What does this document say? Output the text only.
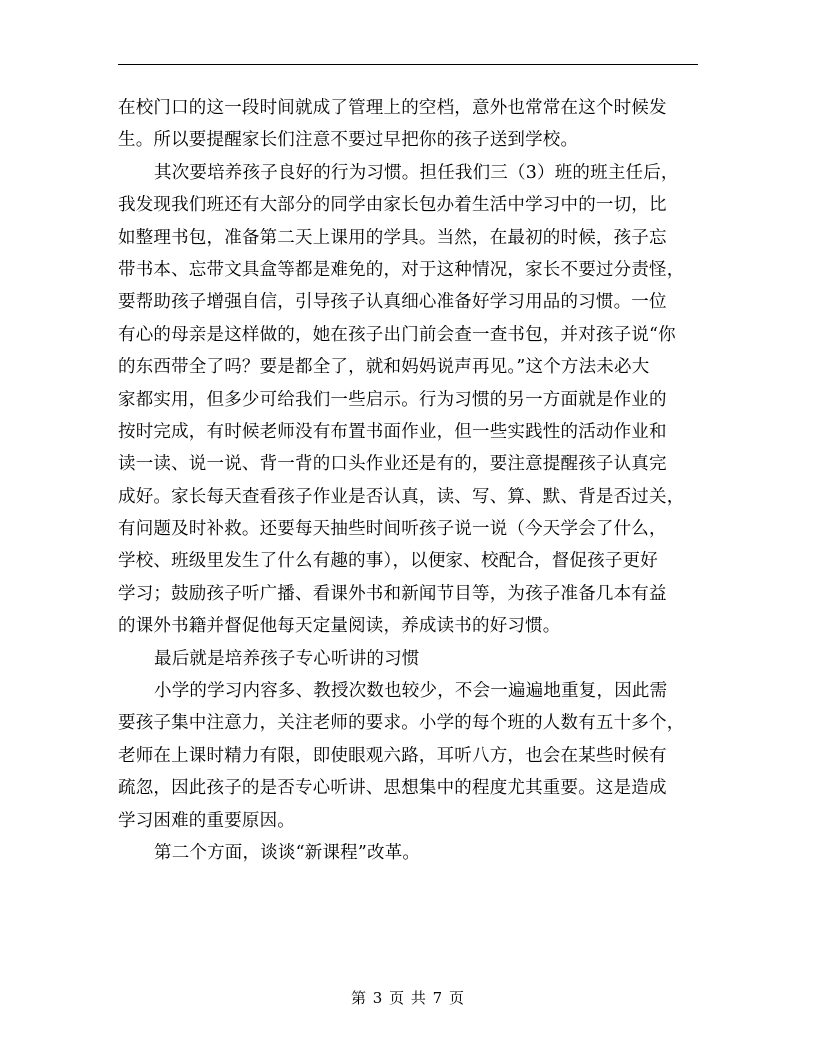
在校门口的这一段时间就成了管理上的空档，意外也常常在这个时候发
生。所以要提醒家长们注意不要过早把你的孩子送到学校。
其次要培养孩子良好的行为习惯。担任我们三（3）班的班主任后，
我发现我们班还有大部分的同学由家长包办着生活中学习中的一切，比
如整理书包，准备第二天上课用的学具。当然，在最初的时候，孩子忘
带书本、忘带文具盒等都是难免的，对于这种情况，家长不要过分责怪，
要帮助孩子增强自信，引导孩子认真细心准备好学习用品的习惯。一位
有心的母亲是这样做的，她在孩子出门前会查一查书包，并对孩子说“你
的东西带全了吗？要是都全了，就和妈妈说声再见。”这个方法未必大
家都实用，但多少可给我们一些启示。行为习惯的另一方面就是作业的
按时完成，有时候老师没有布置书面作业，但一些实践性的活动作业和
读一读、说一说、背一背的口头作业还是有的，要注意提醒孩子认真完
成好。家长每天查看孩子作业是否认真，读、写、算、默、背是否过关，
有问题及时补救。还要每天抽些时间听孩子说一说（今天学会了什么，
学校、班级里发生了什么有趣的事），以便家、校配合，督促孩子更好
学习；鼓励孩子听广播、看课外书和新闻节目等，为孩子准备几本有益
的课外书籍并督促他每天定量阅读，养成读书的好习惯。
最后就是培养孩子专心听讲的习惯
小学的学习内容多、教授次数也较少，不会一遍遍地重复，因此需
要孩子集中注意力，关注老师的要求。小学的每个班的人数有五十多个，
老师在上课时精力有限，即使眼观六路，耳听八方，也会在某些时候有
疏忽，因此孩子的是否专心听讲、思想集中的程度尤其重要。这是造成
学习困难的重要原因。
第二个方面，谈谈“新课程”改革。
第 3 页 共 7 页
